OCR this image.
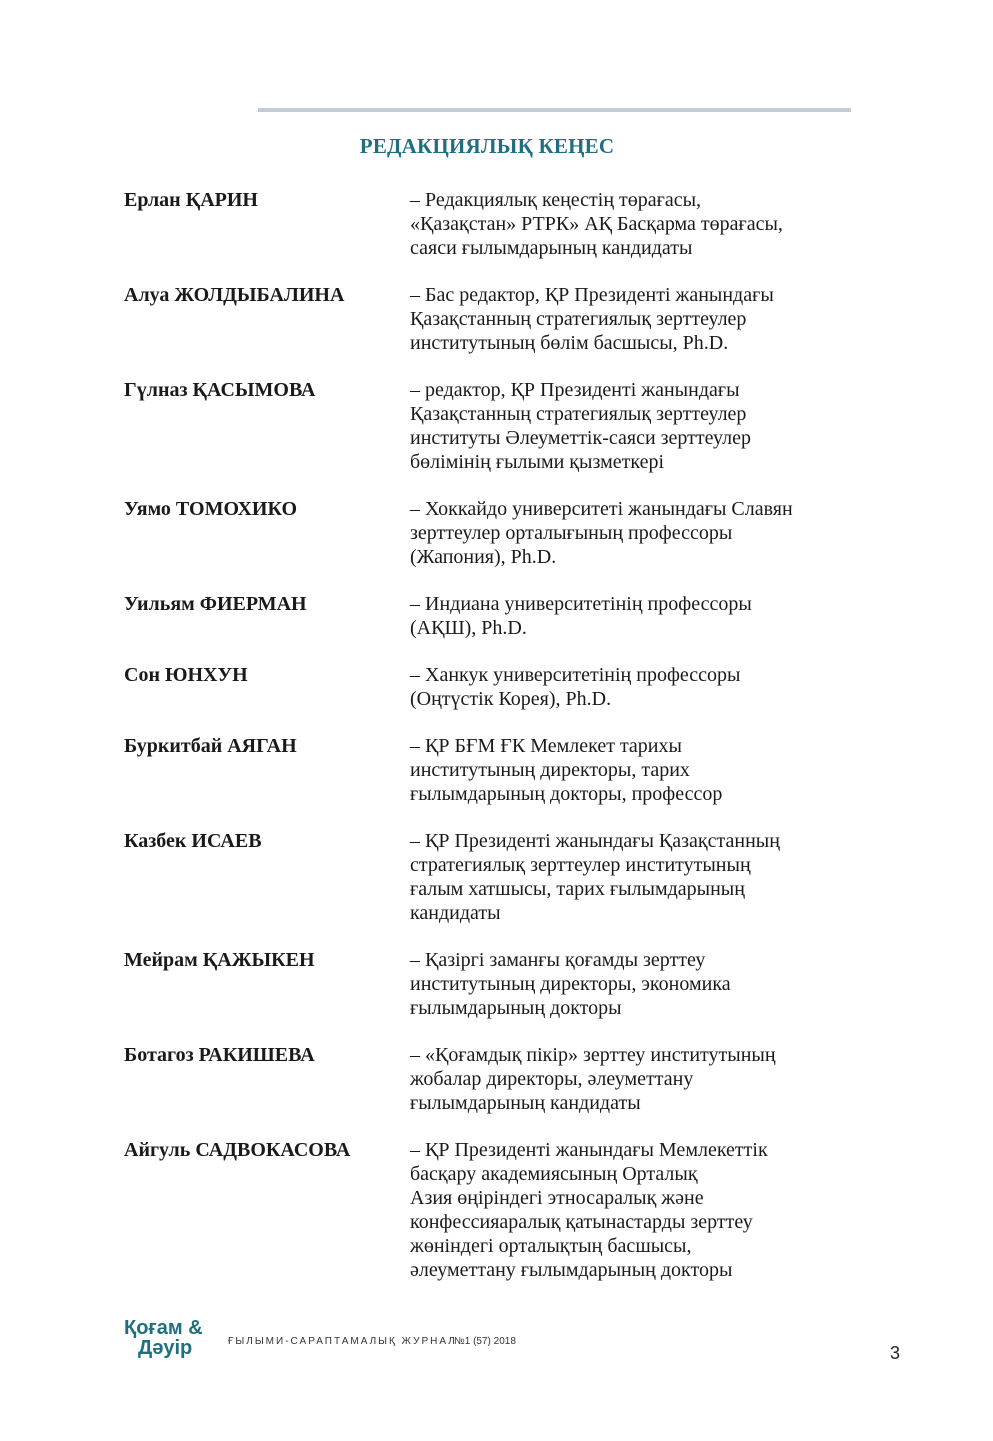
РЕДАКЦИЯЛЫҚ КЕҢЕС
Ерлан ҚАРИН	– Редакциялық кеңестің төрағасы,
«Қазақстан» РТРК» АҚ Басқарма төрағасы,
саяси ғылымдарының кандидаты
Алуа ЖОЛДЫБАЛИНА	– Бас редактор, ҚР Президенті жанындағы
Қазақстанның стратегиялық зерттеулер
институтының бөлім басшысы, Ph.D.
Гүлназ ҚАСЫМОВА	– редактор, ҚР Президенті жанындағы
Қазақстанның стратегиялық зерттеулер
институты Әлеуметтік-саяси зерттеулер
бөлімінің ғылыми қызметкері
Уямо ТОМОХИКО	– Хоккайдо университеті жанындағы Славян
зерттеулер орталығының профессоры
(Жапония), Ph.D.
Уильям ФИЕРМАН	– Индиана университетінің профессоры
(АҚШ), Ph.D.
Сон ЮНХУН	– Ханкук университетінің профессоры
(Оңтүстік Корея), Ph.D.
Буркитбай АЯГАН	– ҚР БҒМ ҒК Мемлекет тарихы
институтының директоры, тарих
ғылымдарының докторы, профессор
Казбек ИСАЕВ	– ҚР Президенті жанындағы Қазақстанның
стратегиялық зерттеулер институтының
ғалым хатшысы, тарих ғылымдарының
кандидаты
Мейрам ҚАЖЫКЕН	– Қазіргі заманғы қоғамды зерттеу
институтының директоры, экономика
ғылымдарының докторы
Ботагоз РАКИШЕВА	– «Қоғамдық пікір» зерттеу институтының
жобалар директоры, әлеуметтану
ғылымдарының кандидаты
Айгуль САДВОКАСОВА	– ҚР Президенті жанындағы Мемлекеттік
басқару академиясының Орталық
Азия өңіріндегі этносаралық және
конфессияаралық қатынастарды зерттеу
жөніндегі орталықтың басшысы,
әлеуметтану ғылымдарының докторы
Қоғам &
Дәуір	ҒЫЛЫМИ-САРАПТАМАЛЫҚ ЖУРНАЛ
№1 (57) 2018
3
